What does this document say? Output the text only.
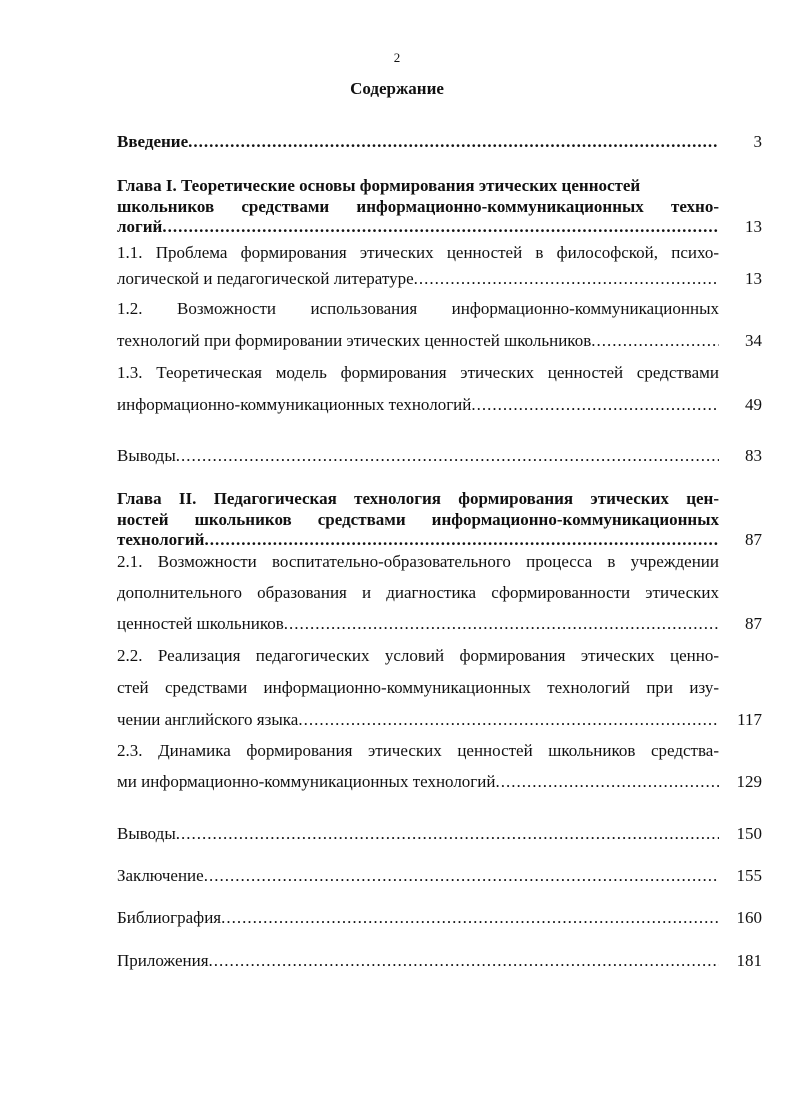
2
Содержание
Введение .....	3
Глава I. Теоретические основы формирования этических ценностей
школьников средствами информационно-коммуникационных техно-
логий .....	13
1.1. Проблема формирования этических ценностей в философской, психо-
логической и педагогической литературе .....	13
1.2. Возможности использования информационно-коммуникационных
технологий при формировании этических ценностей школьников .....	34
1.3. Теоретическая модель формирования этических ценностей средствами
информационно-коммуникационных технологий .....	49
Выводы .....	83
Глава II. Педагогическая технология формирования этических цен-
ностей школьников средствами информационно-коммуникационных
технологий .....	87
2.1. Возможности воспитательно-образовательного процесса в учреждении
дополнительного образования и диагностика сформированности этических
ценностей школьников .....	87
2.2. Реализация педагогических условий формирования этических ценно-
стей средствами информационно-коммуникационных технологий при изу-
чении английского языка .....	117
2.3. Динамика формирования этических ценностей школьников средства-
ми информационно-коммуникационных технологий .....	129
Выводы .....	150
Заключение .....	155
Библиография .....	160
Приложения .....	181
